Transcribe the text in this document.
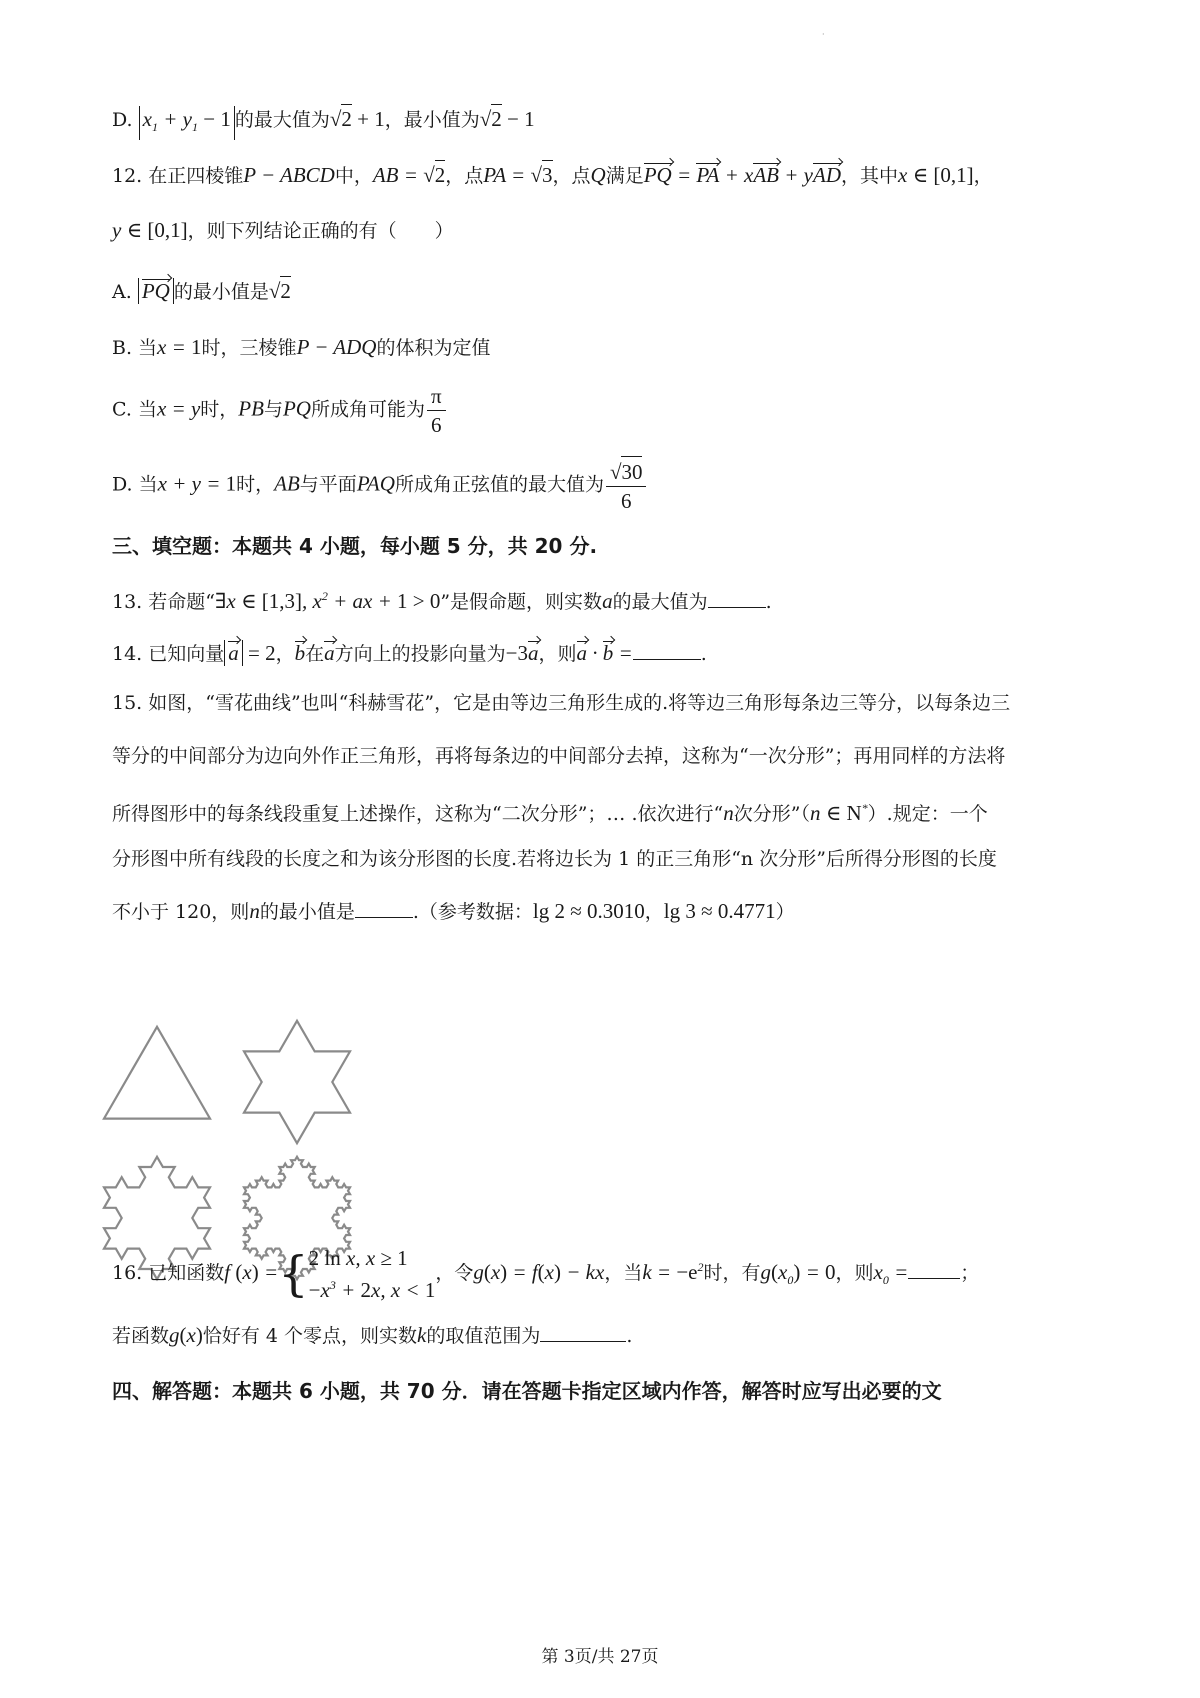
·
D. $x_1 + y_1 - 1$ 的最大值为√2 + 1，最小值为√2 − 1
12. 在正四棱锥P − ABCD中，AB = √2，点PA = √3，点Q满足PQ = PA + xAB + yAD，其中x ∈ [0,1]，
y ∈ [0,1]，则下列结论正确的有（　　）
A. PQ 的最小值是√2
B. 当x = 1时，三棱锥P − ADQ的体积为定值
C. 当x = y时，PB与PQ所成角可能为 $\frac{\pi}{6}$
D. 当x + y = 1时，AB与平面PAQ所成角正弦值的最大值为 $\frac{√30}{6}$
三、填空题：本题共 4 小题，每小题 5 分，共 20 分.
13. 若命题“∃x ∈ [1,3], $x^2$ + ax + 1 > 0”是假命题，则实数a的最大值为	.
14. 已知向量 a = 2，b在a方向上的投影向量为−3a，则a · b =	.
15. 如图，“雪花曲线”也叫“科赫雪花”，它是由等边三角形生成的.将等边三角形每条边三等分，以每条边三
等分的中间部分为边向外作正三角形，再将每条边的中间部分去掉，这称为“一次分形”；再用同样的方法将
所得图形中的每条线段重复上述操作，这称为“二次分形”；… .依次进行“n次分形”（n ∈ N*）.规定：一个
分形图中所有线段的长度之和为该分形图的长度.若将边长为 1 的正三角形“n 次分形”后所得分形图的长度
不小于 120，则n的最小值是	.（参考数据：lg 2 ≈ 0.3010，lg 3 ≈ 0.4771）
16. 已知函数f (x) ={ 2 ln x, x ≥ 1
$-x^3 + 2x$, x < 1
，令g(x) = f(x) − kx，当$k = -e^2$时，有$g(x_0) = 0$，则$x_0$ =	；
若函数g(x)恰好有 4 个零点，则实数k的取值范围为	.
四、解答题：本题共 6 小题，共 70 分．请在答题卡指定区域内作答，解答时应写出必要的文
第 3页/共 27页
